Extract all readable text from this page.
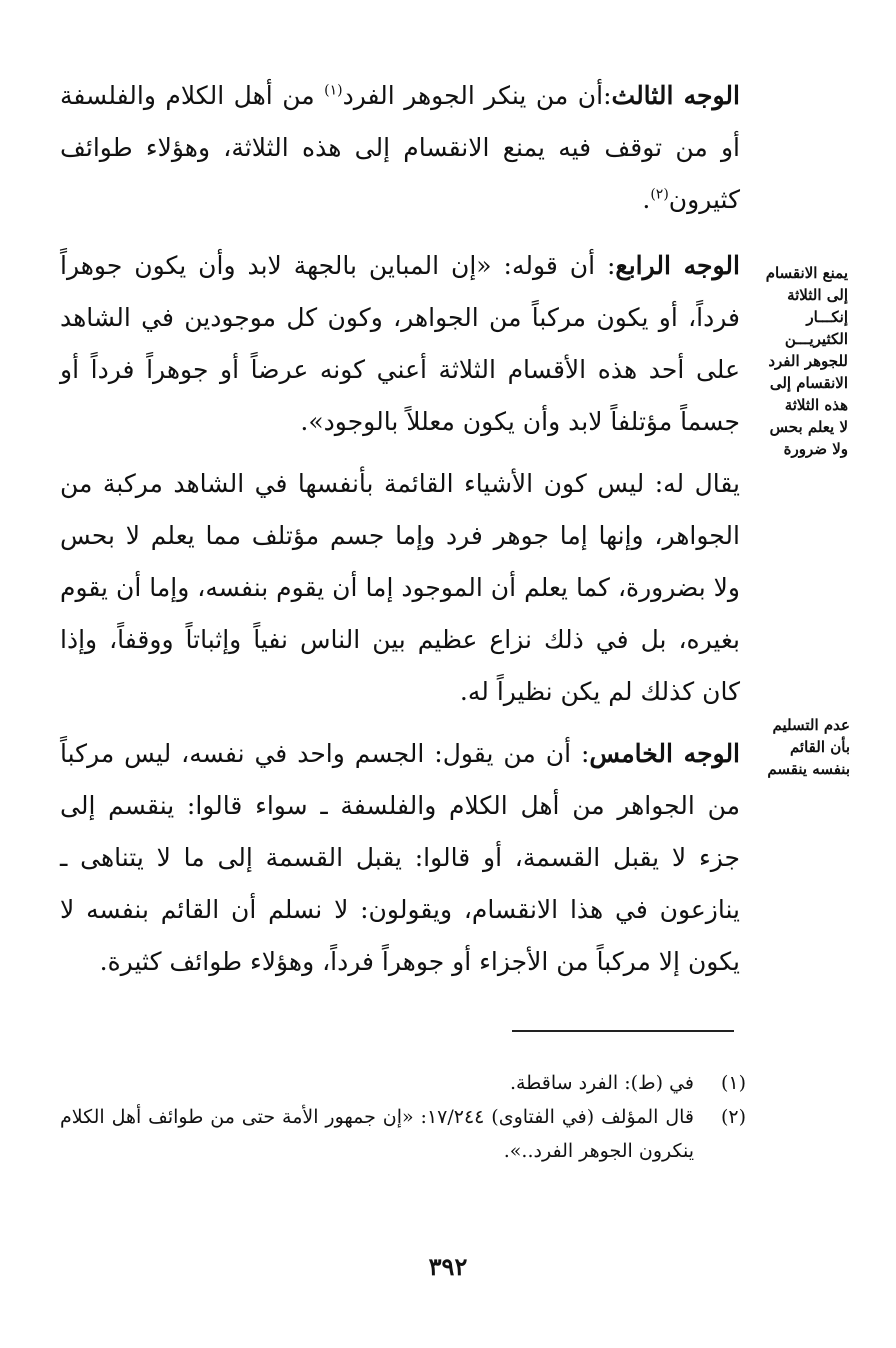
الوجه الثالث:أن من ينكر الجوهر الفرد$^{(١)}$ من أهل الكلام والفلسفة أو من توقف فيه يمنع الانقسام إلى هذه الثلاثة، وهؤلاء طوائف كثيرون$^{(٢)}$.

الوجه الرابع: أن قوله: «إن المباين بالجهة لابد وأن يكون جوهراً فرداً، أو يكون مركباً من الجواهر، وكون كل موجودين في الشاهد على أحد هذه الأقسام الثلاثة أعني كونه عرضاً أو جوهراً فرداً أو جسماً مؤتلفاً لابد وأن يكون معللاً بالوجود».

يقال له: ليس كون الأشياء القائمة بأنفسها في الشاهد مركبة من الجواهر، وإنها إما جوهر فرد وإما جسم مؤتلف مما يعلم لا بحس ولا بضرورة، كما يعلم أن الموجود إما أن يقوم بنفسه، وإما أن يقوم بغيره، بل في ذلك نزاع عظيم بين الناس نفياً وإثباتاً ووقفاً، وإذا كان كذلك لم يكن نظيراً له.

الوجه الخامس: أن من يقول: الجسم واحد في نفسه، ليس مركباً من الجواهر من أهل الكلام والفلسفة ـ سواء قالوا: ينقسم إلى جزء لا يقبل القسمة، أو قالوا: يقبل القسمة إلى ما لا يتناهى ـ ينازعون في هذا الانقسام، ويقولون: لا نسلم أن القائم بنفسه لا يكون إلا مركباً من الأجزاء أو جوهراً فرداً، وهؤلاء طوائف كثيرة.

يمنع الانقسام
إلى الثلاثة
إنكـــار
الكثيريـــن
للجوهر الفرد
الانقسام إلى
هذه الثلاثة
لا يعلم بحس
ولا ضرورة
عدم التسليم
بأن القائم
بنفسه ينقسم
(١)
في (ط): الفرد ساقطة.
(٢)
قال المؤلف (في الفتاوى) ١٧/٢٤٤: «إن جمهور الأمة حتى من طوائف أهل الكلام ينكرون الجوهر الفرد..».
٣٩٢
